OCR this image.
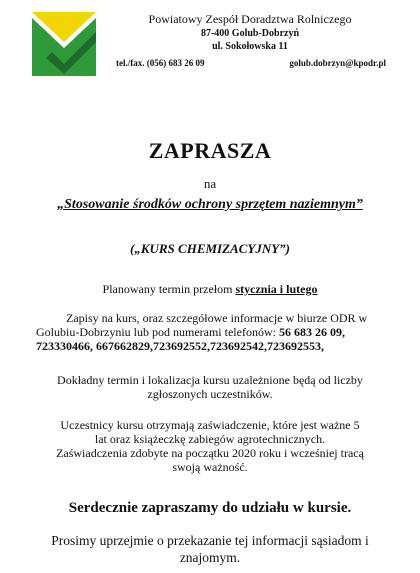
Powiatowy Zespół Doradztwa Rolniczego
87-400 Golub-Dobrzyń
ul. Sokołowska 11
tel./fax. (056) 683 26 09	golub.dobrzyn@kpodr.pl
ZAPRASZA
na
„Stosowanie środków ochrony sprzętem naziemnym”
(„KURS CHEMIZACYJNY”)
Planowany termin przełom stycznia i lutego
Zapisy na kurs, oraz szczegółowe informacje w biurze ODR w
Golubiu-Dobrzyniu lub pod numerami telefonów: 56 683 26 09,
723330466, 667662829,723692552,723692542,723692553,
Dokładny termin i lokalizacja kursu uzależnione będą od liczby
zgłoszonych uczestników.
Uczestnicy kursu otrzymają zaświadczenie, które jest ważne 5
lat oraz książeczkę zabiegów agrotechnicznych.
Zaświadczenia zdobyte na początku 2020 roku i wcześniej tracą
swoją ważność.
Serdecznie zapraszamy do udziału w kursie.
Prosimy uprzejmie o przekazanie tej informacji sąsiadom i
znajomym.
